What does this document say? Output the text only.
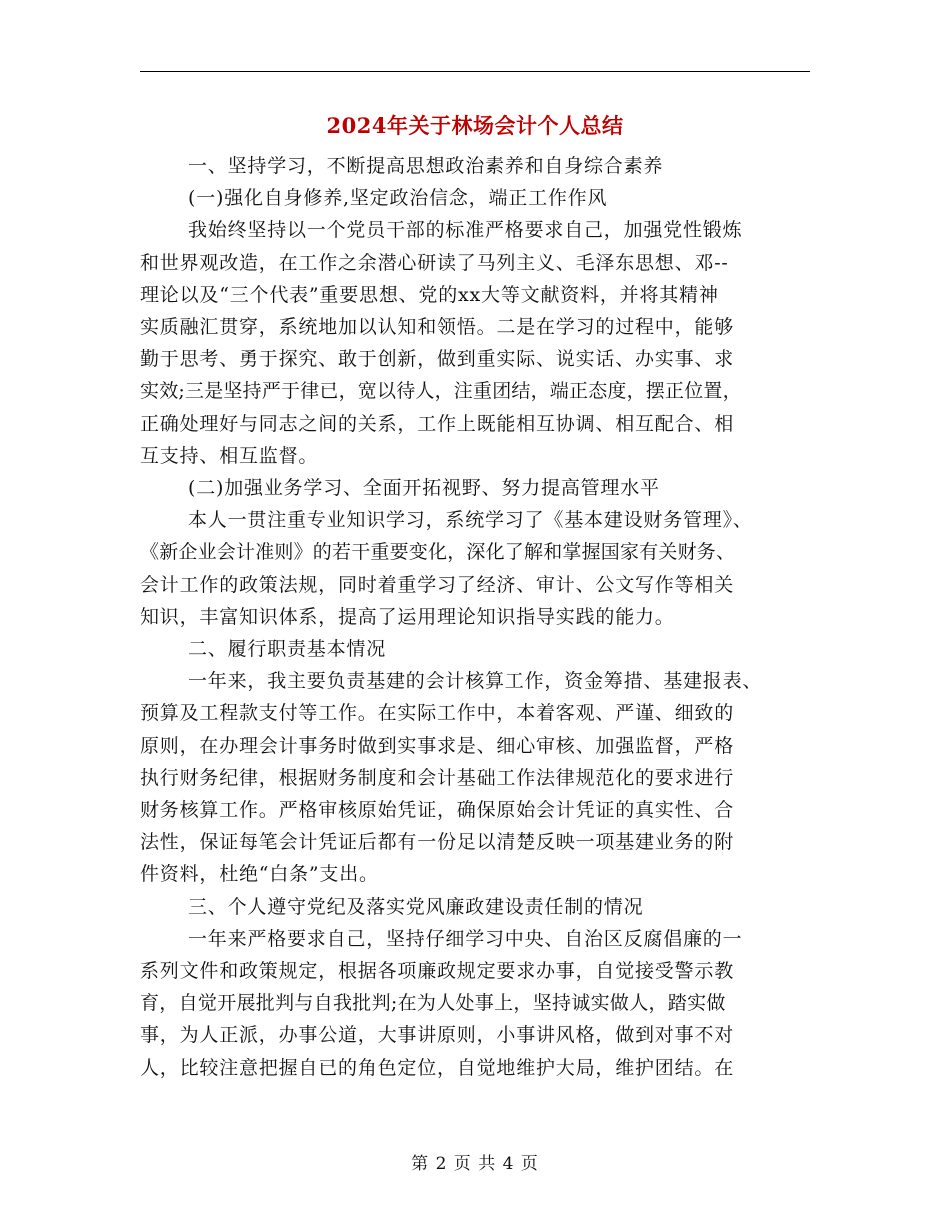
2024年关于林场会计个人总结

一、坚持学习，不断提高思想政治素养和自身综合素养

(一)强化自身修养,坚定政治信念，端正工作作风

我始终坚持以一个党员干部的标准严格要求自己，加强党性锻炼
和世界观改造，在工作之余潜心研读了马列主义、毛泽东思想、邓--
理论以及“三个代表”重要思想、党的xx大等文献资料，并将其精神
实质融汇贯穿，系统地加以认知和领悟。二是在学习的过程中，能够
勤于思考、勇于探究、敢于创新，做到重实际、说实话、办实事、求
实效;三是坚持严于律已，宽以待人，注重团结，端正态度，摆正位置，
正确处理好与同志之间的关系，工作上既能相互协调、相互配合、相
互支持、相互监督。

(二)加强业务学习、全面开拓视野、努力提高管理水平

本人一贯注重专业知识学习，系统学习了《基本建设财务管理》、
《新企业会计准则》的若干重要变化，深化了解和掌握国家有关财务、
会计工作的政策法规，同时着重学习了经济、审计、公文写作等相关
知识，丰富知识体系，提高了运用理论知识指导实践的能力。

二、履行职责基本情况

一年来，我主要负责基建的会计核算工作，资金筹措、基建报表、
预算及工程款支付等工作。在实际工作中，本着客观、严谨、细致的
原则，在办理会计事务时做到实事求是、细心审核、加强监督，严格
执行财务纪律，根据财务制度和会计基础工作法律规范化的要求进行
财务核算工作。严格审核原始凭证，确保原始会计凭证的真实性、合
法性，保证每笔会计凭证后都有一份足以清楚反映一项基建业务的附
件资料，杜绝“白条”支出。

三、个人遵守党纪及落实党风廉政建设责任制的情况

一年来严格要求自己，坚持仔细学习中央、自治区反腐倡廉的一
系列文件和政策规定，根据各项廉政规定要求办事，自觉接受警示教
育，自觉开展批判与自我批判;在为人处事上，坚持诚实做人，踏实做
事，为人正派，办事公道，大事讲原则，小事讲风格，做到对事不对
人，比较注意把握自已的角色定位，自觉地维护大局，维护团结。在

第 2 页 共 4 页
